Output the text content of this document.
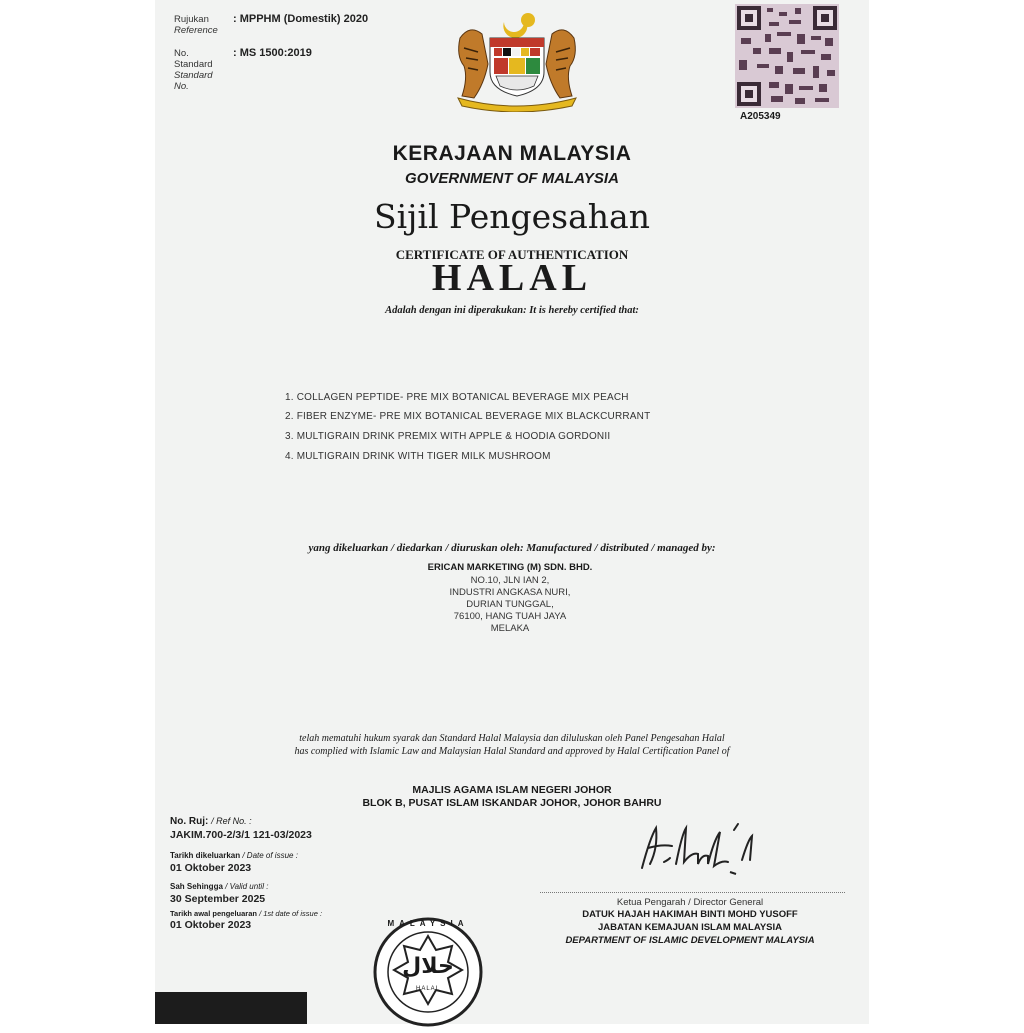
Rujukan
Reference
: MPPHM (Domestik) 2020
No.
Standard
Standard
No.
: MS 1500:2019
A205349
KERAJAAN MALAYSIA
GOVERNMENT OF MALAYSIA
Sijil Pengesahan
CERTIFICATE OF AUTHENTICATION
HALAL
Adalah dengan ini diperakukan: It is hereby certified that:
1. COLLAGEN PEPTIDE- PRE MIX BOTANICAL BEVERAGE MIX PEACH
2. FIBER ENZYME- PRE MIX BOTANICAL BEVERAGE MIX BLACKCURRANT
3. MULTIGRAIN DRINK PREMIX WITH APPLE & HOODIA GORDONII
4. MULTIGRAIN DRINK WITH TIGER MILK MUSHROOM
yang dikeluarkan / diedarkan / diuruskan oleh: Manufactured / distributed / managed by:
ERICAN MARKETING (M) SDN. BHD.
NO.10, JLN IAN 2,
INDUSTRI ANGKASA NURI,
DURIAN TUNGGAL,
76100, HANG TUAH JAYA
MELAKA
telah mematuhi hukum syarak dan Standard Halal Malaysia dan diluluskan oleh Panel Pengesahan Halal
has complied with Islamic Law and Malaysian Halal Standard and approved by Halal Certification Panel of
MAJLIS AGAMA ISLAM NEGERI JOHOR
BLOK B, PUSAT ISLAM ISKANDAR JOHOR, JOHOR BAHRU
No. Ruj: / Ref No. :
JAKIM.700-2/3/1 121-03/2023
Tarikh dikeluarkan / Date of issue :
01 Oktober 2023
Sah Sehingga / Valid until :
30 September 2025
Tarikh awal pengeluaran / 1st date of issue :
01 Oktober 2023
Ketua Pengarah / Director General
DATUK HAJAH HAKIMAH BINTI MOHD YUSOFF
JABATAN KEMAJUAN ISLAM MALAYSIA
DEPARTMENT OF ISLAMIC DEVELOPMENT MALAYSIA
MALAYSIA
حلال
HALAL
